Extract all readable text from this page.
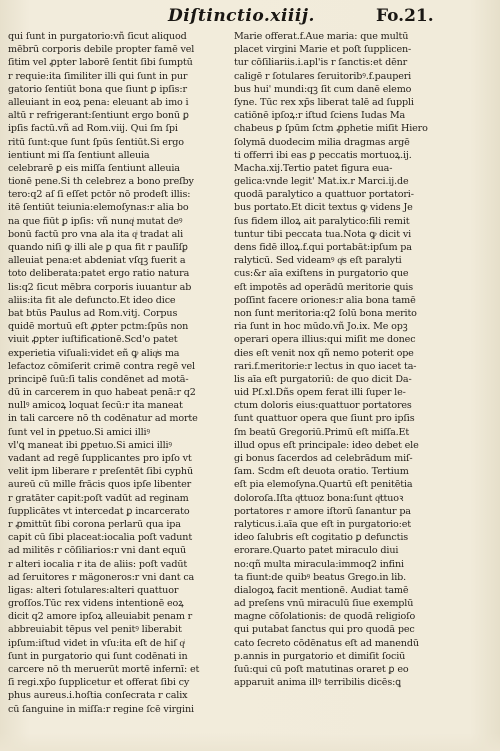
Diſtinctio.xiiij.	Fo.21.
qui ſunt in purgatorio:vñ ſicut aliquod
mēbrū corporis debile propter famē vel
ſitim vel ꝓpter laborē ſentit ſibi ſumptū
r requie:ita ſimiliter illi qui ſunt in pur
gatorio ſentiūt bona que ſiunt ꝑ ipſis:r
alleuiant in eoꝝ pena: eleuant ab imo i
altū r refrigerant:ſentiunt ergo bonū ꝑ
ipſis factū.vñ ad Rom.viij. Qui ſm ſpi
ritū ſunt:que ſunt ſpūs ſentiūt.Si ergo
ientiunt mi ſſa ſentiunt alleuia
celebrarē ꝑ eis miſſa ſentiunt alleuia
tionē pene.Si th celebrez a bono preſby
tero:q2 aſ ſi eſſet pctōr nō prodeſt illis:
itē ſentiūt teiunia:elemoſynas:r alia bo
na que fiūt ꝑ ipſis: vñ nunqͥ mutat deꝰ
bonū factū pro vna ala ita qͥ tradat ali
quando niſi ꝙ illi ale ꝑ qua fit r paulīſꝑ
alleuiat pena:et abdeniat vſqꝫ fuerit a
toto deliberata:patet ergo ratio natura
lis:q2 ſicut mēbra corporis iuuantur ab
aliis:ita fit ale defuncto.Et ideo dice
bat btūs Paulus ad Rom.vitj. Corpus
quidē mortuū eſt ꝓpter pctm:ſpūs non
viuit ꝓpter iuſtificationē.Scd'o patet
experietia viſuali:videt eñ ꝙ aliqͥs ma
lefactoz cōmiſerit crimē contra regē vel
principē ſuū:ſi talis condēnet ad motā-
dū in carcerem in quo habeat penā:r q2
nullꝰ amicoꝝ loquat ſecū:r ita maneat
in tali carcere nō th codēnatur ad morte
ſunt vel in ꝑpetuo.Si amici illiꝰ
vl'ꝗ maneat ibi ꝑpetuo.Si amici illiꝰ
vadant ad regē ſupplicantes pro ipſo vt
velit ipm liberare r preſentēt ſibi cyphū
aureū cū mille frācis quos ipſe libenter
r gratāter capit:poſt vadūt ad reginam
ſupplicātes vt intercedat ꝑ incarcerato
r ꝓmittūt ſibi corona perlarū qua ipa
capit cū ſibi placeat:iocalia poſt vadunt
ad militēs r cōſiliarios:r vni dant equū
r alteri iocalia r ita de aliis: poſt vadūt
ad ſeruitores r mägoneros:r vni dant ca
ligas: alteri ſotulares:alteri quattuor
groſſos.Tūc rex videns intentionē eoꝝ
dicit q2 amore ipſoꝝ alleuiabit penam r
abbreuiabit tēpus vel penitꝰ liberabit
ipſum:iſtud videt in vſu:ita eſt de hiſ qͥ
ſunt in purgatorio qui ſunt codēnati in
carcere nō th meruerūt mortē infernī: et
ſi regi.xp̄o ſupplicetur et offerat ſibi cy
phus aureus.i.hoſtia conſecrata r calix
cū ſanguine in miſſa:r regine ſcē virgini
Marie offerat.f.Aue maria: que multū
placet virgini Marie et poſt ſupplicen-
tur cōſiliariis.i.apl'is r ſanctis:et dēnr
caligē r ſotulares ſeruitoribꝰ.f.pauperi
bus hui' mundi:qꝫ ſit cum danē elemo
ſyne. Tūc rex xp̄s liberat talē ad ſuppli
catiōnē ipſoꝝ:r iſtud ſciens Iudas Ma
chabeus ꝑ ſpūm ſctm ꝓphetie miſit Hiero
ſolymā duodecim milia dragmas argē
ti offerri ibi eas ꝑ peccatis mortuoꝝ.ij.
Macha.xij.Tertio patet figura eua-
gelica:vnde legit' Mat.ix.r Marci.ij.de
quodā paralytico a quattuor portatori-
bus portato.Et dicit textus ꝙ videns Je
ſus fidem illoꝝ ait paralytico:fili remit
tuntur tibi peccata tua.Nota ꝙ dicit vi
dens fidē illoꝝ.f.qui portabāt:ipſum pa
ralyticū. Sed videamꝰ qͥs eſt paralyti
cus:&r aīa exiſtens in purgatorio que
eſt impotēs ad operādū meritorie ꝗuis
poſſint facere oriones:r alia bona tamē
non ſunt meritoria:q2 ſolū bona merito
ria ſunt in hoc mūdo.vñ Jo.ix. Me opꝫ
operari opera illius:qui miſit me donec
dies eſt venit nox qñ nemo poterit ope
rari.f.meritorie:r lectus in quo iacet ta-
lis aīa eſt purgatoriū: de quo dicit Da-
uid Pſ.xl.Dñs opem ferat illi ſuper le-
ctum doloris eius:quattuor portatores
ſunt quattuor opera que ſiunt pro ipſis
ſm beatū Gregoriū.Primū eſt miſſa.Et
illud opus eſt principale: ideo debet ele
gi bonus ſacerdos ad celebrādum miſ-
ſam. Scdm eſt deuota oratio. Tertium
eſt pia elemoſyna.Quartū eſt penitētia
doloroſa.Iſta qͥttuoz bona:ſunt qͥttuoꝛ
portatores r amore iſtorū ſanantur pa
ralyticus.i.aīa que eſt in purgatorio:et
ideo ſalubris eſt cogitatio ꝑ defunctis
erorare.Quarto patet miraculo diui
no:qñ multa miracula:immoq2 infini
ta fiunt:de quibꝰ beatus Grego.in lib.
dialogoꝝ facit mentionē. Audiat tamē
ad preſens vnū miraculū ſiue exemplū
magne cōſolationis: de quodā religioſo
qui putabat ſanctus qui pro quodā pec
cato ſecreto cōdēnatus eſt ad manendū
p.annis in purgatorio et dimiſit ſociū
ſuū:qui cū poſt matutinas oraret ꝑ eo
apparuit anima illꝰ terribilis dicēs:ꝗ
